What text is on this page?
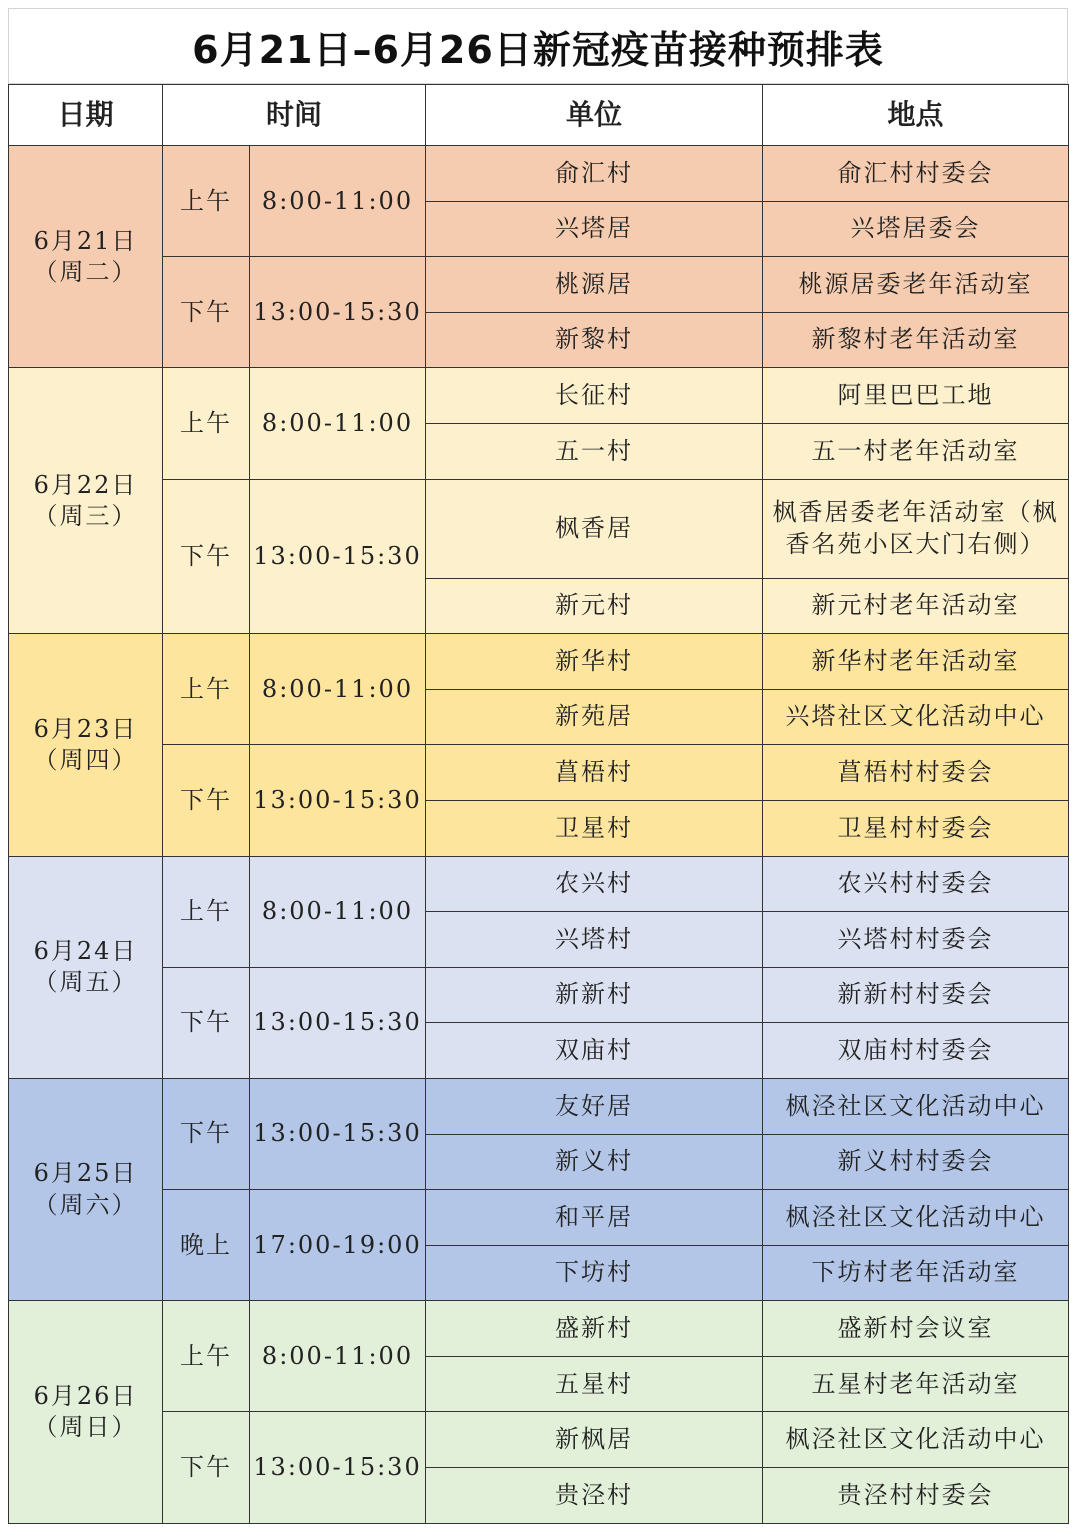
6月21日–6月26日新冠疫苗接种预排表
日期	时间		单位	地点

6月21日
（周二）	上午	8:00-11:00	俞汇村	俞汇村村委会
			兴塔居	兴塔居委会
	下午	13:00-15:30	桃源居	桃源居委老年活动室
			新黎村	新黎村老年活动室

6月22日
（周三）	上午	8:00-11:00	长征村	阿里巴巴工地
			五一村	五一村老年活动室
	下午	13:00-15:30	枫香居	枫香居委老年活动室（枫香名苑小区大门右侧）
			新元村	新元村老年活动室

6月23日
（周四）	上午	8:00-11:00	新华村	新华村老年活动室
			新苑居	兴塔社区文化活动中心
	下午	13:00-15:30	菖梧村	菖梧村村委会
			卫星村	卫星村村委会

6月24日
（周五）	上午	8:00-11:00	农兴村	农兴村村委会
			兴塔村	兴塔村村委会
	下午	13:00-15:30	新新村	新新村村委会
			双庙村	双庙村村委会

6月25日
（周六）	下午	13:00-15:30	友好居	枫泾社区文化活动中心
			新义村	新义村村委会
	晚上	17:00-19:00	和平居	枫泾社区文化活动中心
			下坊村	下坊村老年活动室

6月26日
（周日）	上午	8:00-11:00	盛新村	盛新村会议室
			五星村	五星村老年活动室
	下午	13:00-15:30	新枫居	枫泾社区文化活动中心
			贵泾村	贵泾村村委会
